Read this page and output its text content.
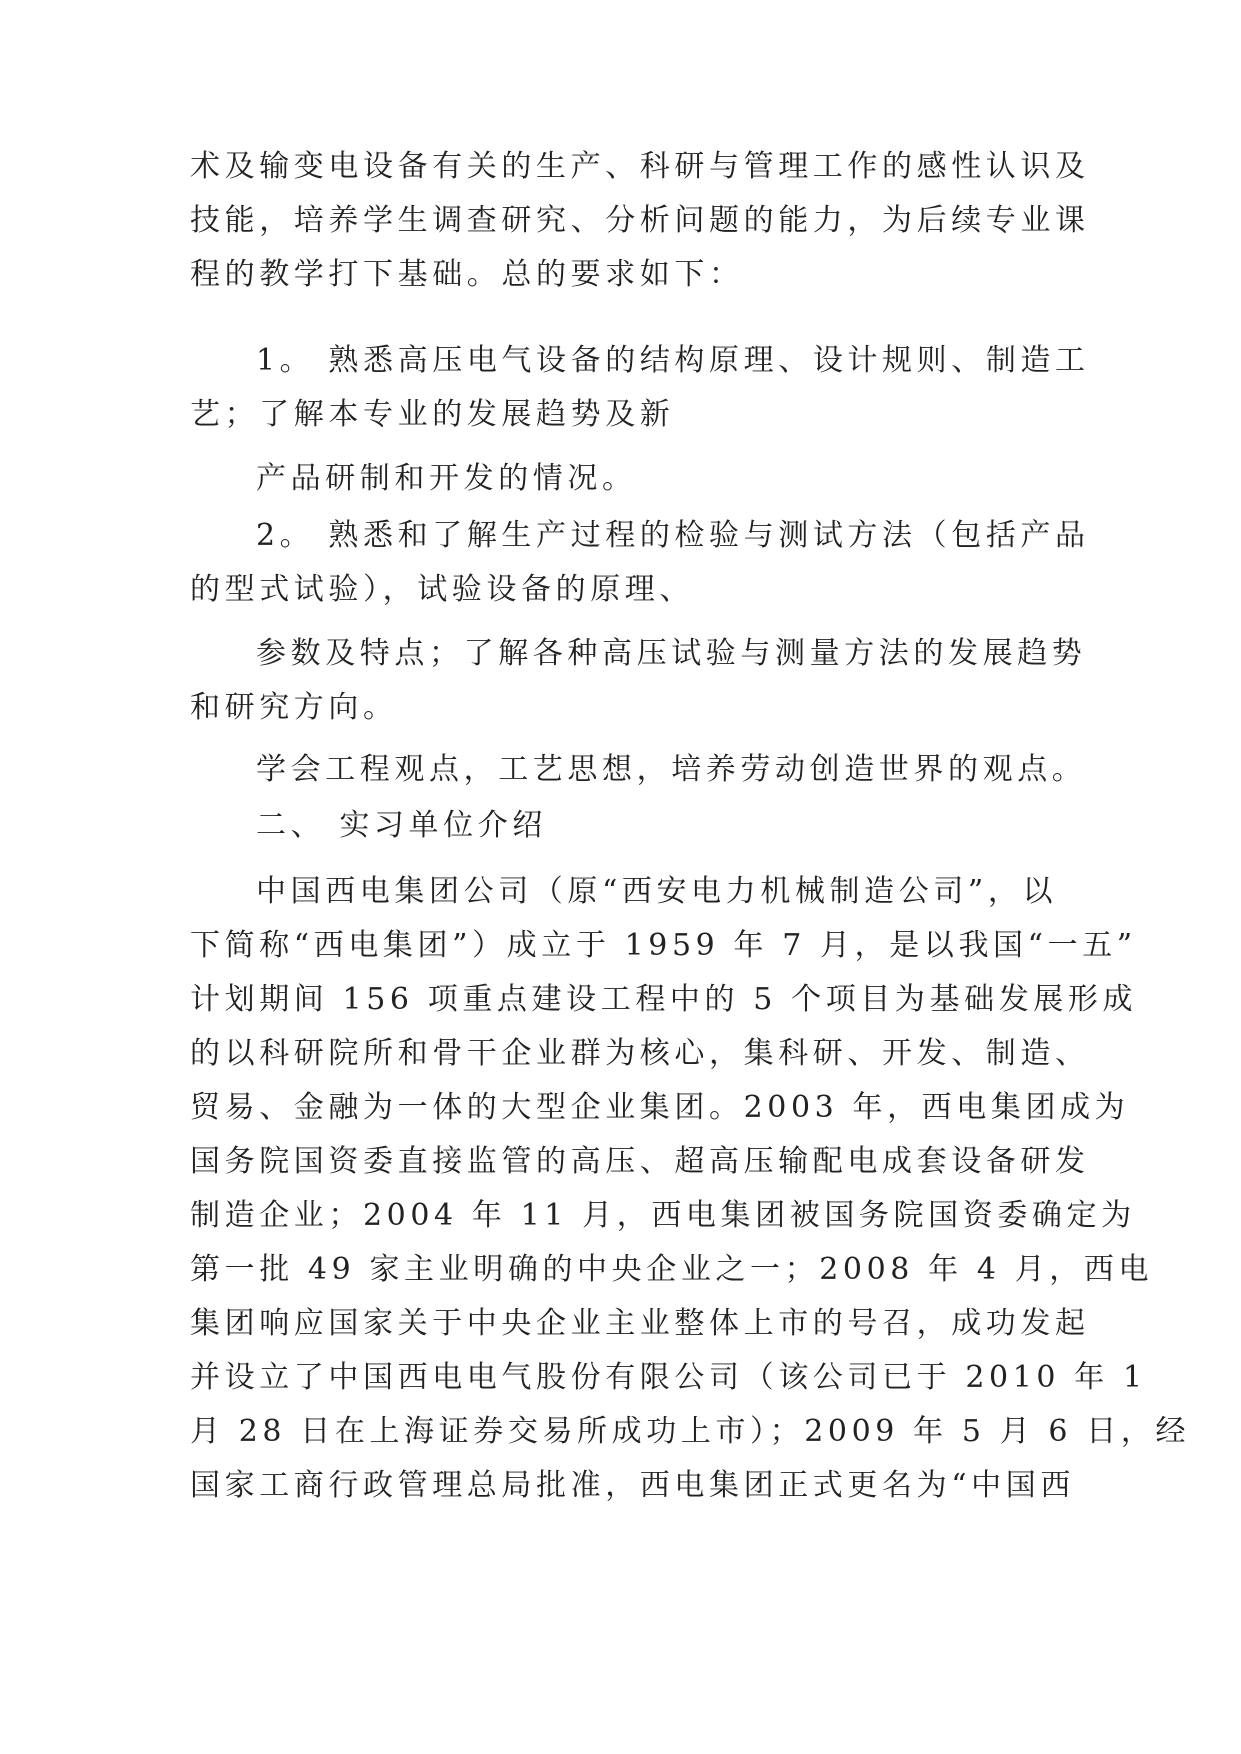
术及输变电设备有关的生产、科研与管理工作的感性认识及
技能，培养学生调查研究、分析问题的能力，为后续专业课
程的教学打下基础。总的要求如下：
1。 熟悉高压电气设备的结构原理、设计规则、制造工
艺；了解本专业的发展趋势及新
产品研制和开发的情况。
2。 熟悉和了解生产过程的检验与测试方法（包括产品
的型式试验），试验设备的原理、
参数及特点；了解各种高压试验与测量方法的发展趋势
和研究方向。
学会工程观点，工艺思想，培养劳动创造世界的观点。
二、 实习单位介绍
中国西电集团公司（原“西安电力机械制造公司”，以
下简称“西电集团”）成立于 1959 年 7 月，是以我国“一五”
计划期间 156 项重点建设工程中的 5 个项目为基础发展形成
的以科研院所和骨干企业群为核心，集科研、开发、制造、
贸易、金融为一体的大型企业集团。2003 年，西电集团成为
国务院国资委直接监管的高压、超高压输配电成套设备研发
制造企业；2004 年 11 月，西电集团被国务院国资委确定为
第一批 49 家主业明确的中央企业之一；2008 年 4 月，西电
集团响应国家关于中央企业主业整体上市的号召，成功发起
并设立了中国西电电气股份有限公司（该公司已于 2010 年 1
月 28 日在上海证券交易所成功上市）；2009 年 5 月 6 日，经
国家工商行政管理总局批准，西电集团正式更名为“中国西
